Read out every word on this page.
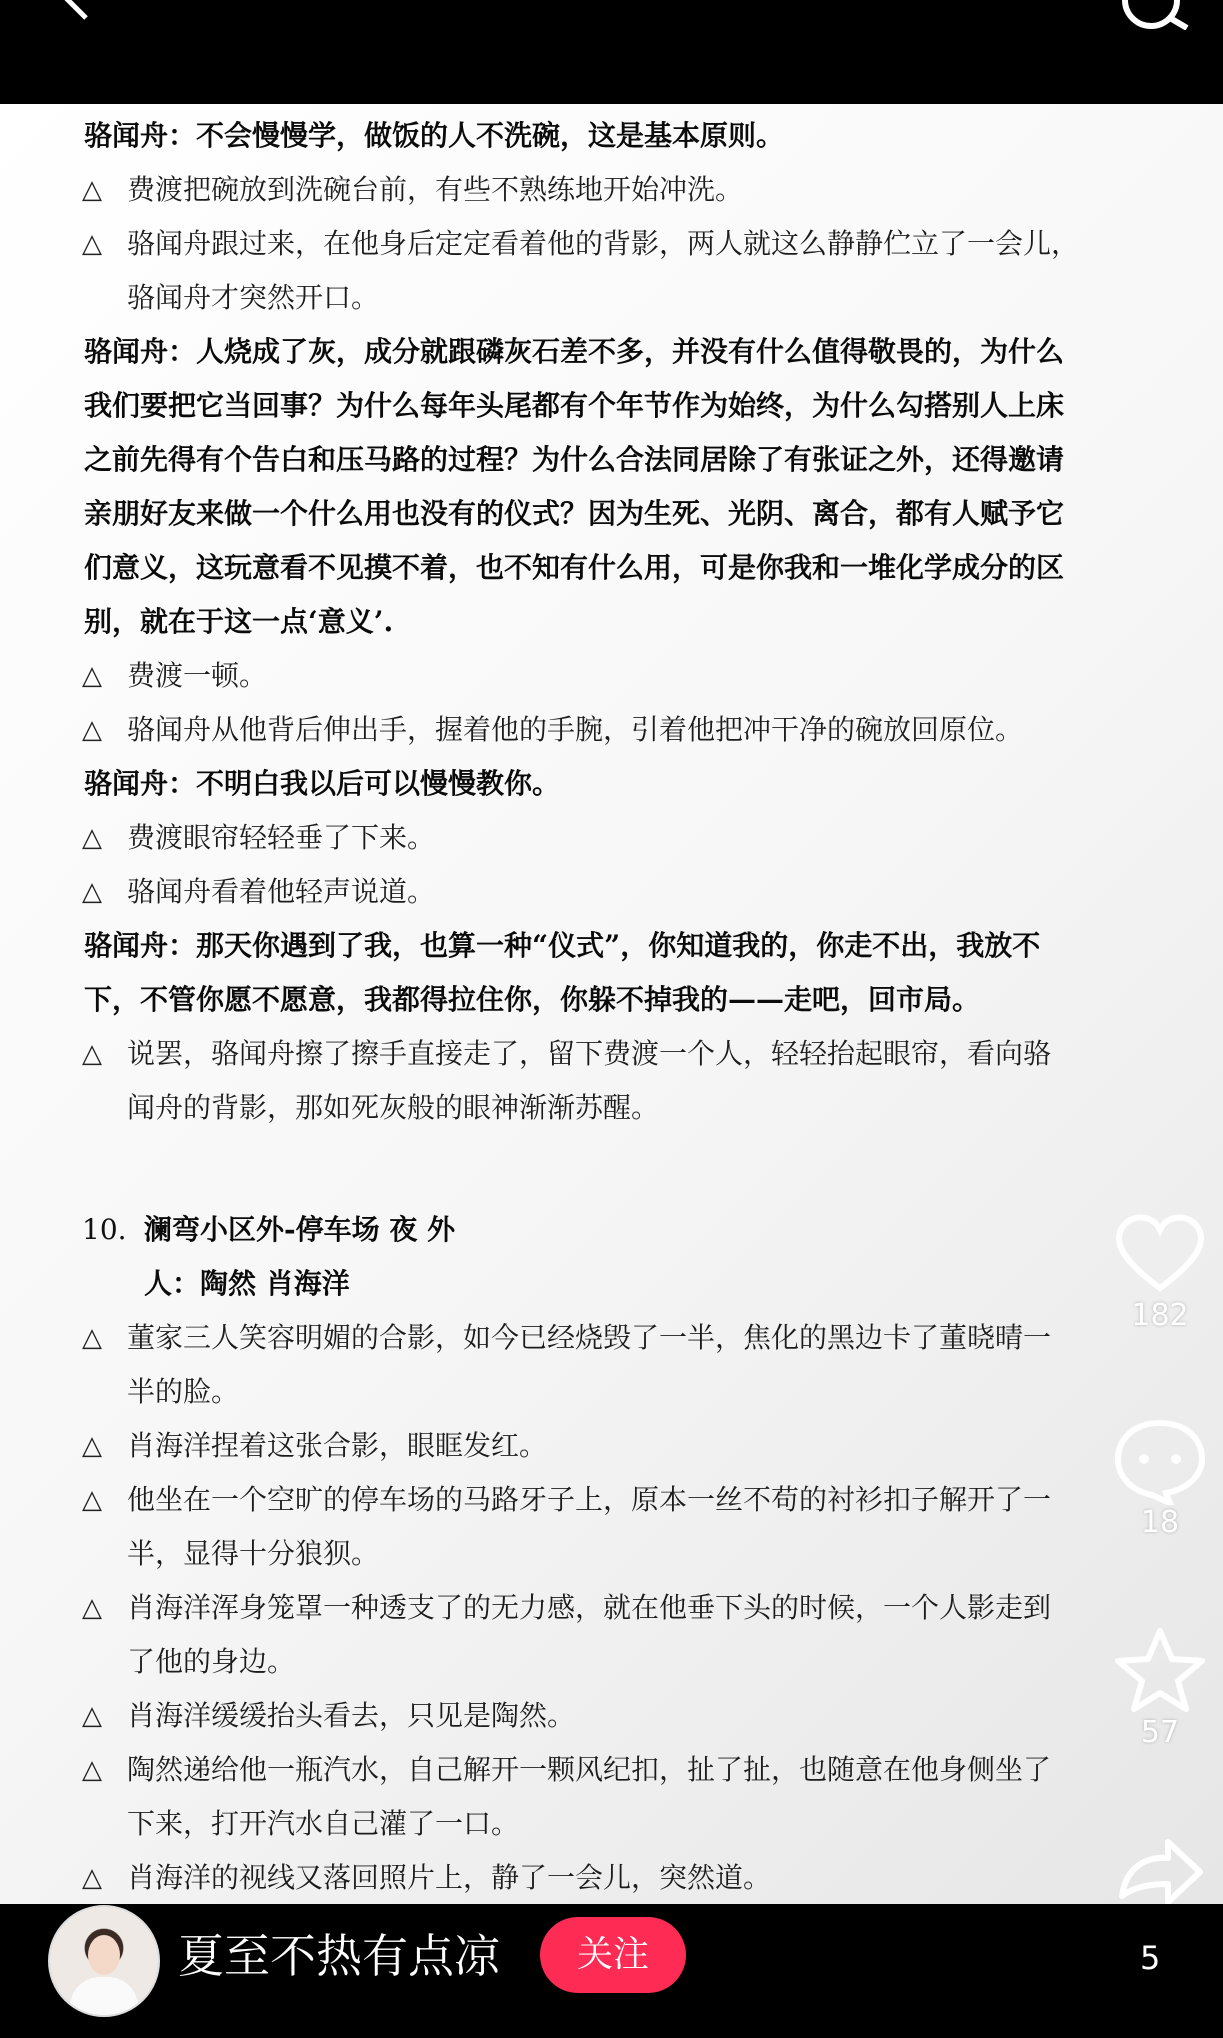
骆闻舟：不会慢慢学，做饭的人不洗碗，这是基本原则。
△ 费渡把碗放到洗碗台前，有些不熟练地开始冲洗。
△ 骆闻舟跟过来，在他身后定定看着他的背影，两人就这么静静伫立了一会儿，
骆闻舟才突然开口。
骆闻舟：人烧成了灰，成分就跟磷灰石差不多，并没有什么值得敬畏的，为什么
我们要把它当回事？为什么每年头尾都有个年节作为始终，为什么勾搭别人上床
之前先得有个告白和压马路的过程？为什么合法同居除了有张证之外，还得邀请
亲朋好友来做一个什么用也没有的仪式？因为生死、光阴、离合，都有人赋予它
们意义，这玩意看不见摸不着，也不知有什么用，可是你我和一堆化学成分的区
别，就在于这一点‘意义’.
△ 费渡一顿。
△ 骆闻舟从他背后伸出手，握着他的手腕，引着他把冲干净的碗放回原位。
骆闻舟：不明白我以后可以慢慢教你。
△ 费渡眼帘轻轻垂了下来。
△ 骆闻舟看着他轻声说道。
骆闻舟：那天你遇到了我，也算一种“仪式”，你知道我的，你走不出，我放不
下，不管你愿不愿意，我都得拉住你，你躲不掉我的——走吧，回市局。
△ 说罢，骆闻舟擦了擦手直接走了，留下费渡一个人，轻轻抬起眼帘，看向骆
闻舟的背影，那如死灰般的眼神渐渐苏醒。
10. 澜弯小区外-停车场 夜 外
人：陶然 肖海洋
△ 董家三人笑容明媚的合影，如今已经烧毁了一半，焦化的黑边卡了董晓晴一
半的脸。
△ 肖海洋捏着这张合影，眼眶发红。
△ 他坐在一个空旷的停车场的马路牙子上，原本一丝不苟的衬衫扣子解开了一
半，显得十分狼狈。
△ 肖海洋浑身笼罩一种透支了的无力感，就在他垂下头的时候，一个人影走到
了他的身边。
△ 肖海洋缓缓抬头看去，只见是陶然。
△ 陶然递给他一瓶汽水，自己解开一颗风纪扣，扯了扯，也随意在他身侧坐了
下来，打开汽水自己灌了一口。
△ 肖海洋的视线又落回照片上，静了一会儿，突然道。
182
18
57
夏至不热有点凉	关注	5
